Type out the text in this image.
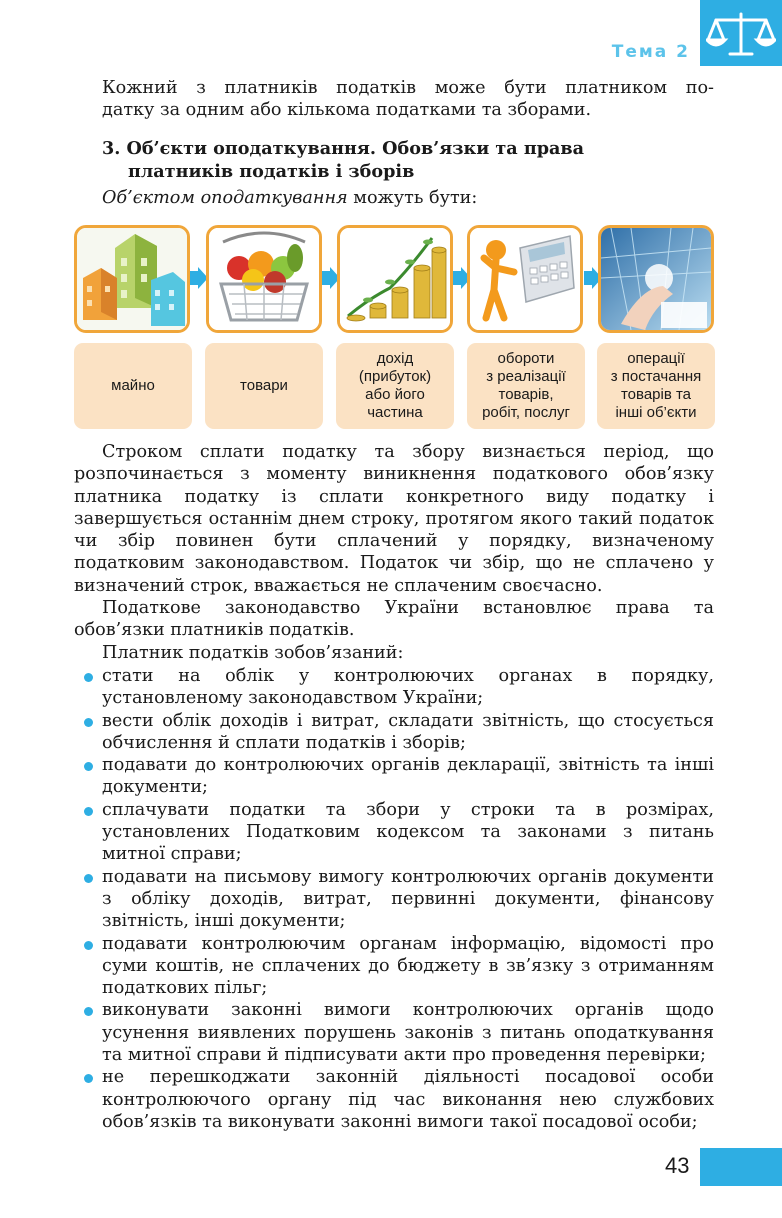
Тема 2
Кожний з платників податків може бути платником по-
датку за одним або кількома податками та зборами.
3. Об’єкти оподаткування. Обов’язки та права
платників податків і зборів
Об’єктом оподаткування можуть бути:
майно	товари
дохід
(прибуток)
або його
частина
обороти
з реалізації
товарів,
робіт, послуг
операції
з постачання
товарів та
інші об’єкти

Строком сплати податку та збору визнається період, що розпочинається з моменту виникнення податкового обов’язку платника податку із сплати конкретного виду податку і завершується останнім днем строку, протягом якого такий податок чи збір повинен бути сплачений у порядку, визначеному податковим законодавством. Податок чи збір, що не сплачено у визначений строк, вважається не сплаченим своєчасно.

Податкове законодавство України встановлює права та обов’язки платників податків.

Платник податків зобов’язаний:

стати на облік у контролюючих органах в порядку, установленому законодавством України;
вести облік доходів і витрат, складати звітність, що стосується обчислення й сплати податків і зборів;
подавати до контролюючих органів декларації, звітність та інші документи;
сплачувати податки та збори у строки та в розмірах, установлених Податковим кодексом та законами з питань митної справи;
подавати на письмову вимогу контролюючих органів документи з обліку доходів, витрат, первинні документи, фінансову звітність, інші документи;
подавати контролюючим органам інформацію, відомості про суми коштів, не сплачених до бюджету в зв’язку з отриманням податкових пільг;
виконувати законні вимоги контролюючих органів щодо усунення виявлених порушень законів з питань оподаткування та митної справи й підписувати акти про проведення перевірки;
не перешкоджати законній діяльності посадової особи контролюючого органу під час виконання нею службових обов’язків та виконувати законні вимоги такої посадової особи;
43
